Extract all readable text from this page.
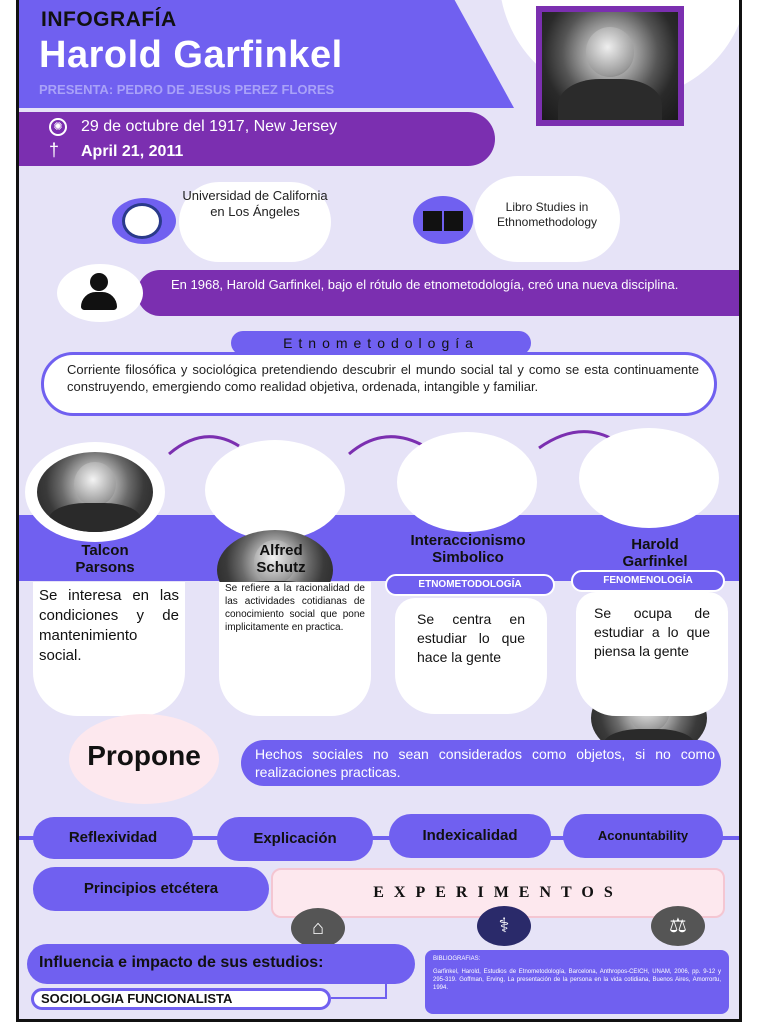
INFOGRAFÍA
Harold Garfinkel
PRESENTA: PEDRO DE JESUS PEREZ FLORES
✺ 29 de octubre del 1917, New Jersey
† April 21, 2011
Universidad de California en Los Ángeles	Libro Studies in Ethnomethodology
En 1968, Harold Garfinkel, bajo el rótulo de etnometodología, creó una nueva disciplina.
Etnometodología
Corriente filosófica y sociológica pretendiendo descubrir el mundo social tal y como se esta continuamente construyendo, emergiendo como realidad objetiva, ordenada, intangible y familiar.
Talcon
Parsons
Alfred
Schutz
Interaccionismo
Simbolico
Harold
Garfinkel
Se interesa en las condiciones y de mantenimiento social.
Se refiere a la racionalidad de las actividades cotidianas de conocimiento social que pone implicitamente en practica.
Se centra en estudiar lo que hace la gente
Se ocupa de estudiar a lo que piensa la gente
ETNOMETODOLOGÍA	FENOMENOLOGÍA
Propone	Hechos sociales no sean considerados como objetos, si no como realizaciones practicas.
Reflexividad	Explicación	Indexicalidad	Aconuntability
Principios etcétera	EXPERIMENTOS
⌂	⚕	⚖
Influencia e impacto de sus estudios:
SOCIOLOGIA FUNCIONALISTA
BIBLIOGRAFIAS:
Garfinkel, Harold, Estudios de Etnometodología, Barcelona, Anthropos-CEICH, UNAM, 2006, pp. 9-12 y 295-319. Goffman, Erving, La presentación de la persona en la vida cotidiana, Buenos Aires, Amorrortu, 1994.
